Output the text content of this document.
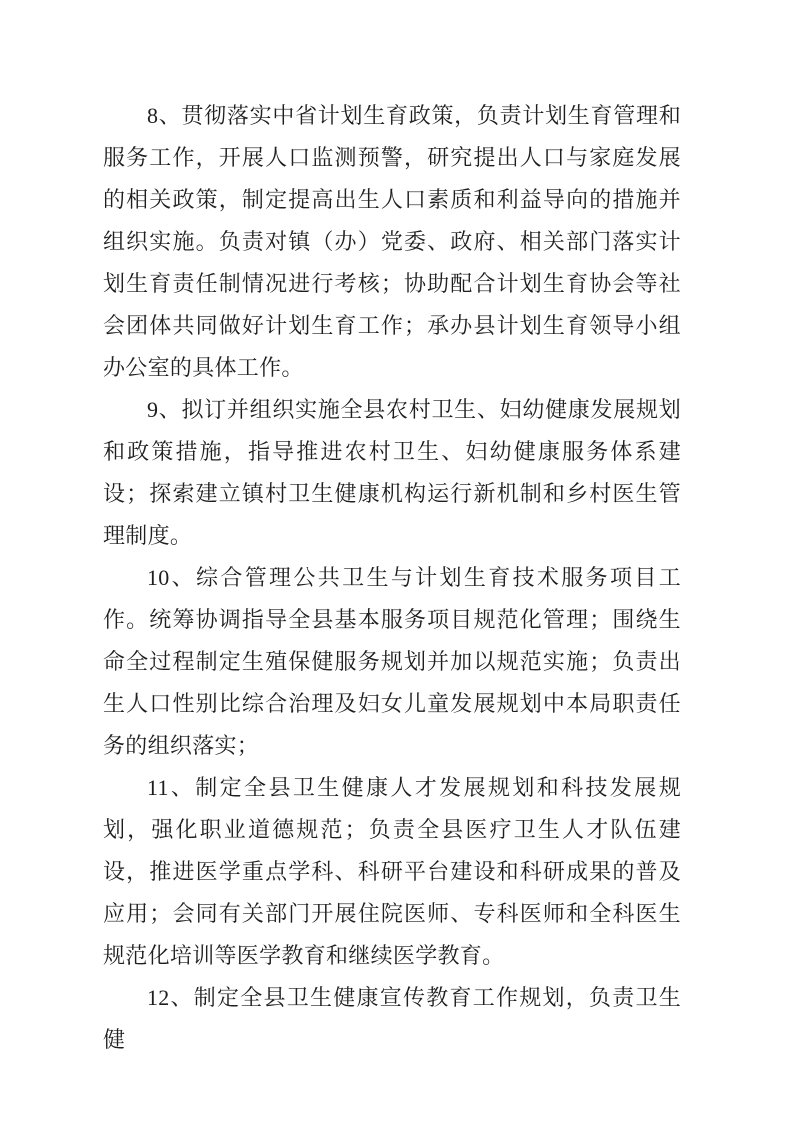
8、贯彻落实中省计划生育政策，负责计划生育管理和服务工作，开展人口监测预警，研究提出人口与家庭发展的相关政策，制定提高出生人口素质和利益导向的措施并组织实施。负责对镇（办）党委、政府、相关部门落实计划生育责任制情况进行考核；协助配合计划生育协会等社会团体共同做好计划生育工作；承办县计划生育领导小组办公室的具体工作。

9、拟订并组织实施全县农村卫生、妇幼健康发展规划和政策措施，指导推进农村卫生、妇幼健康服务体系建设；探索建立镇村卫生健康机构运行新机制和乡村医生管理制度。

10、综合管理公共卫生与计划生育技术服务项目工作。统筹协调指导全县基本服务项目规范化管理；围绕生命全过程制定生殖保健服务规划并加以规范实施；负责出生人口性别比综合治理及妇女儿童发展规划中本局职责任务的组织落实；

11、制定全县卫生健康人才发展规划和科技发展规划，强化职业道德规范；负责全县医疗卫生人才队伍建设，推进医学重点学科、科研平台建设和科研成果的普及应用；会同有关部门开展住院医师、专科医师和全科医生规范化培训等医学教育和继续医学教育。

12、制定全县卫生健康宣传教育工作规划，负责卫生健
